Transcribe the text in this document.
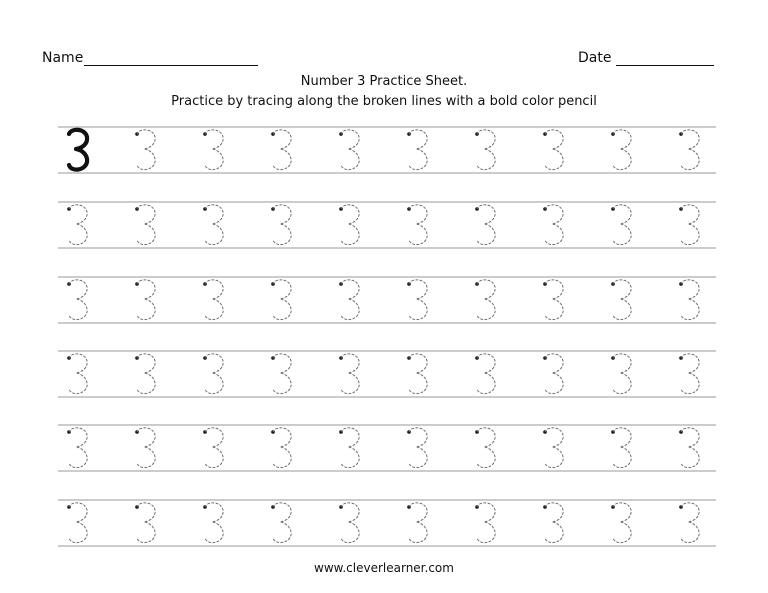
Name	Date
Number 3 Practice Sheet.
Practice by tracing along the broken lines with a bold color pencil
www.cleverlearner.com
